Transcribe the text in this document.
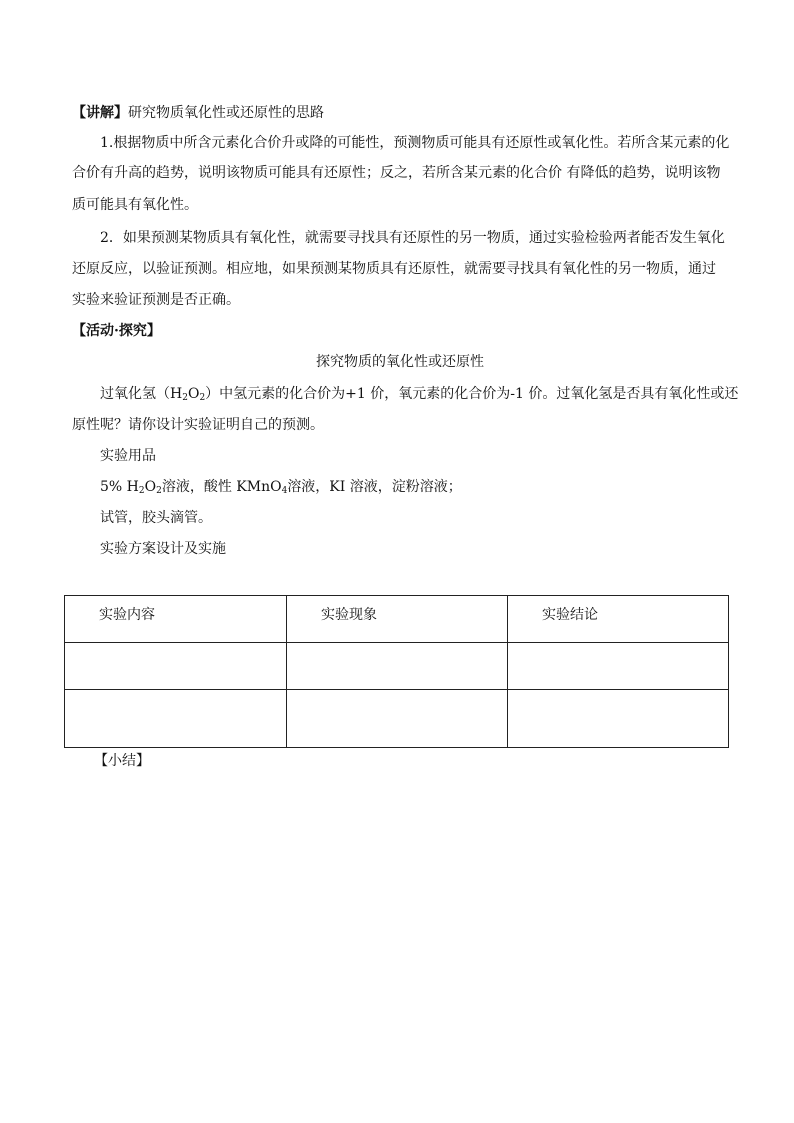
【讲解】研究物质氧化性或还原性的思路
1.根据物质中所含元素化合价升或降的可能性，预测物质可能具有还原性或氧化性。若所含某元素的化
合价有升高的趋势，说明该物质可能具有还原性；反之，若所含某元素的化合价 有降低的趋势，说明该物
质可能具有氧化性。
2．如果预测某物质具有氧化性，就需要寻找具有还原性的另一物质，通过实验检验两者能否发生氧化
还原反应，以验证预测。相应地，如果预测某物质具有还原性，就需要寻找具有氧化性的另一物质，通过
实验来验证预测是否正确。
【活动·探究】
探究物质的氧化性或还原性
过氧化氢$(H_2O_2)$中氢元素的化合价为+1 价，氧元素的化合价为-1 价。过氧化氢是否具有氧化性或还
原性呢？请你设计实验证明自己的预测。
实验用品
5% $H_2O_2$溶液，酸性 KMnO$_4$溶液，KI 溶液，淀粉溶液；
试管，胶头滴管。
实验方案设计及实施
实验内容	实验现象	实验结论

【小结】
